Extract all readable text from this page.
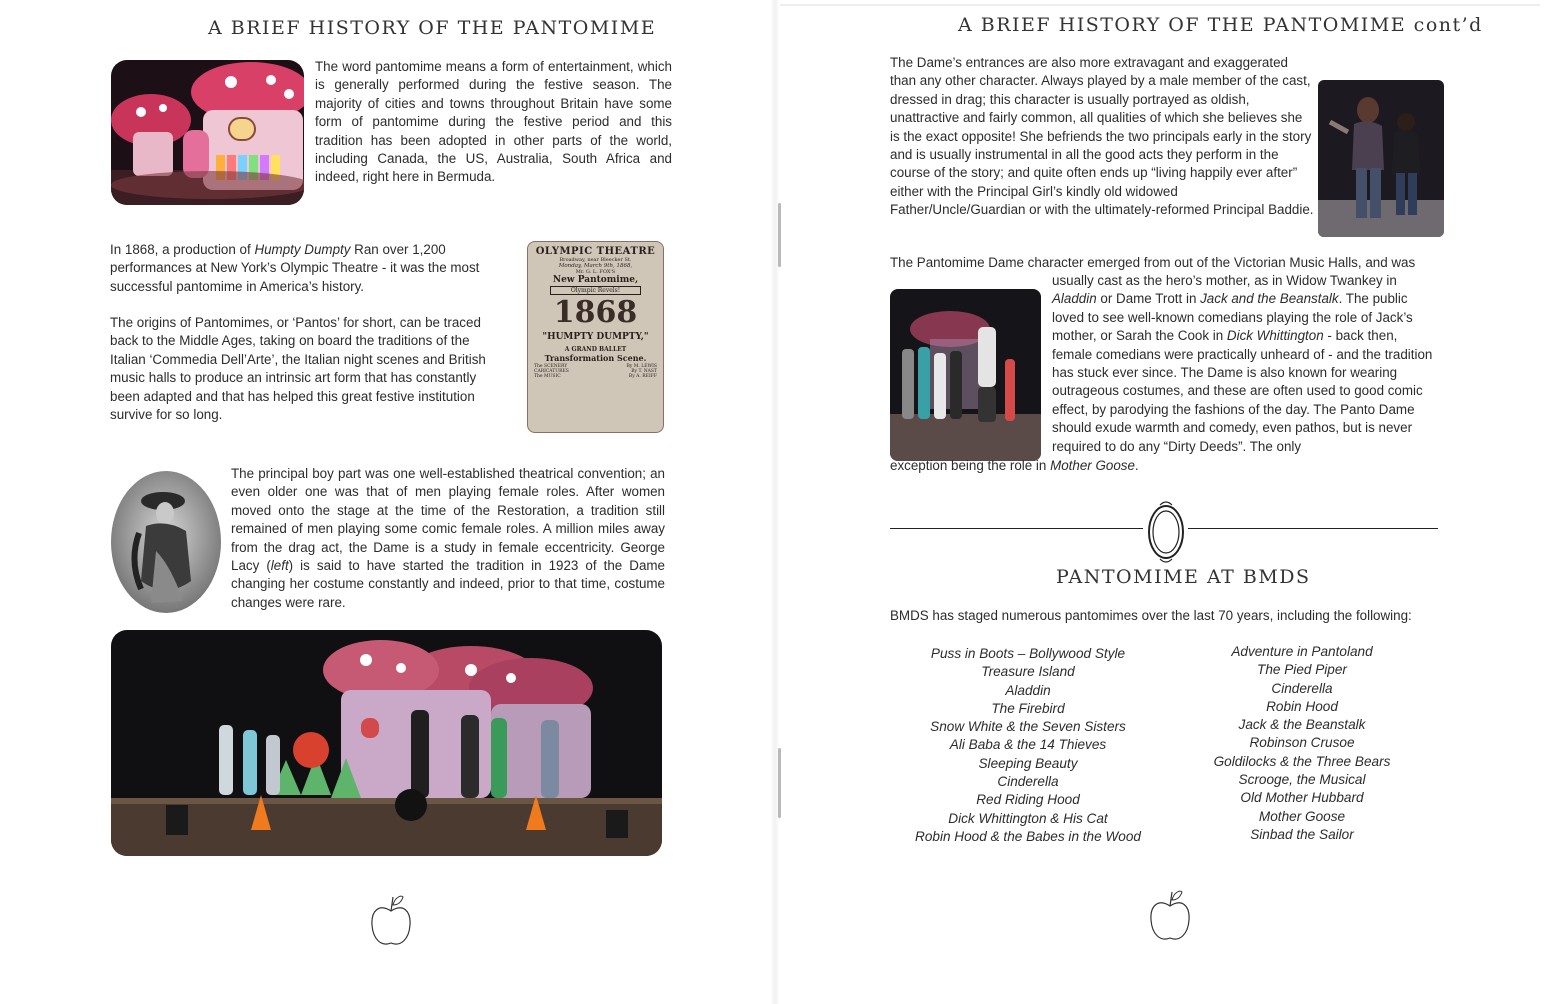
A BRIEF HISTORY OF THE PANTOMIME
The word pantomime means a form of entertainment, which is generally performed during the festive season. The majority of cities and towns throughout Britain have some form of pantomime during the festive period and this tradition has been adopted in other parts of the world, including Canada, the US, Australia, South Africa and indeed, right here in Bermuda.
In 1868, a production of Humpty Dumpty Ran over 1,200 performances at New York’s Olympic Theatre - it was the most successful pantomime in America’s history.
The origins of Pantomimes, or ‘Pantos’ for short, can be traced back to the Middle Ages, taking on board the traditions of the Italian ‘Commedia Dell’Arte’, the Italian night scenes and British music halls to produce an intrinsic art form that has constantly been adapted and that has helped this great festive institution survive for so long.
OLYMPIC THEATRE
Broadway, near Bleecker St.
Monday, March 9th, 1868,
Mr. G. L. FOX'S
New Pantomime,
Olympic Revels!
1868
"HUMPTY DUMPTY,"
A GRAND BALLET
Transformation Scene.
The SCENERY	By M. LEWIS
CARICATURES	By T. NAST
The MUSIC	By A. REIFF
The principal boy part was one well-established theatrical convention; an even older one was that of men playing female roles. After women moved onto the stage at the time of the Restoration, a tradition still remained of men playing some comic female roles. A million miles away from the drag act, the Dame is a study in female eccentricity. George Lacy (left) is said to have started the tradition in 1923 of the Dame changing her costume constantly and indeed, prior to that time, costume changes were rare.
A BRIEF HISTORY OF THE PANTOMIME cont’d
The Dame’s entrances are also more extravagant and exaggerated than any other character. Always played by a male member of the cast, dressed in drag; this character is usually portrayed as oldish, unattractive and fairly common, all qualities of which she believes she is the exact opposite! She befriends the two principals early in the story and is usually instrumental in all the good acts they perform in the course of the story; and quite often ends up “living happily ever after” either with the Principal Girl’s kindly old widowed Father/Uncle/Guardian or with the ultimately-reformed Principal Baddie.
The Pantomime Dame character emerged from out of the Victorian Music Halls, and was
usually cast as the hero’s mother, as in Widow Twankey in Aladdin or Dame Trott in Jack and the Beanstalk. The public loved to see well-known comedians playing the role of Jack’s mother, or Sarah the Cook in Dick Whittington - back then, female comedians were practically unheard of - and the tradition has stuck ever since. The Dame is also known for wearing outrageous costumes, and these are often used to good comic effect, by parodying the fashions of the day. The Panto Dame should exude warmth and comedy, even pathos, but is never required to do any “Dirty Deeds”. The only
exception being the role in Mother Goose.
PANTOMIME AT BMDS
BMDS has staged numerous pantomimes over the last 70 years, including the following:
Puss in Boots – Bollywood Style
Treasure Island
Aladdin
The Firebird
Snow White & the Seven Sisters
Ali Baba & the 14 Thieves
Sleeping Beauty
Cinderella
Red Riding Hood
Dick Whittington & His Cat
Robin Hood & the Babes in the Wood
Adventure in Pantoland
The Pied Piper
Cinderella
Robin Hood
Jack & the Beanstalk
Robinson Crusoe
Goldilocks & the Three Bears
Scrooge, the Musical
Old Mother Hubbard
Mother Goose
Sinbad the Sailor
